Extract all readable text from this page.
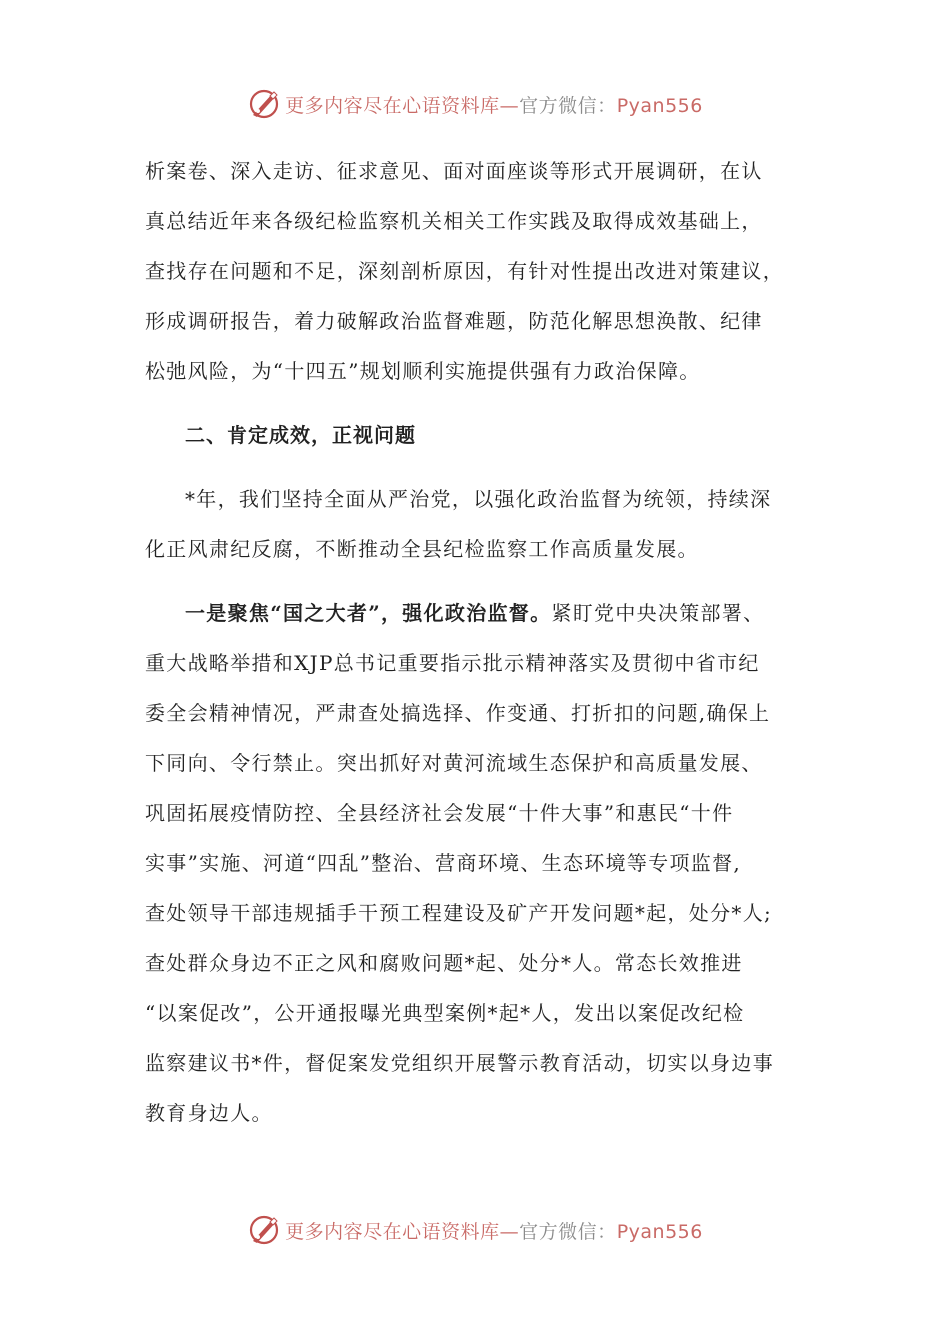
更多内容尽在心语资料库—官方微信：Pyan556

析案卷、深入走访、征求意见、面对面座谈等形式开展调研，在认
真总结近年来各级纪检监察机关相关工作实践及取得成效基础上，
查找存在问题和不足，深刻剖析原因，有针对性提出改进对策建议，
形成调研报告，着力破解政治监督难题，防范化解思想涣散、纪律
松弛风险，为“十四五”规划顺利实施提供强有力政治保障。

二、肯定成效，正视问题

*年，我们坚持全面从严治党，以强化政治监督为统领，持续深
化正风肃纪反腐，不断推动全县纪检监察工作高质量发展。

一是聚焦“国之大者”，强化政治监督。紧盯党中央决策部署、
重大战略举措和XJP总书记重要指示批示精神落实及贯彻中省市纪
委全会精神情况，严肃查处搞选择、作变通、打折扣的问题,确保上
下同向、令行禁止。突出抓好对黄河流域生态保护和高质量发展、
巩固拓展疫情防控、全县经济社会发展“十件大事”和惠民“十件
实事”实施、河道“四乱”整治、营商环境、生态环境等专项监督,
查处领导干部违规插手干预工程建设及矿产开发问题*起，处分*人;
查处群众身边不正之风和腐败问题*起、处分*人。常态长效推进
“以案促改”，公开通报曝光典型案例*起*人，发出以案促改纪检
监察建议书*件，督促案发党组织开展警示教育活动，切实以身边事
教育身边人。

更多内容尽在心语资料库—官方微信：Pyan556
